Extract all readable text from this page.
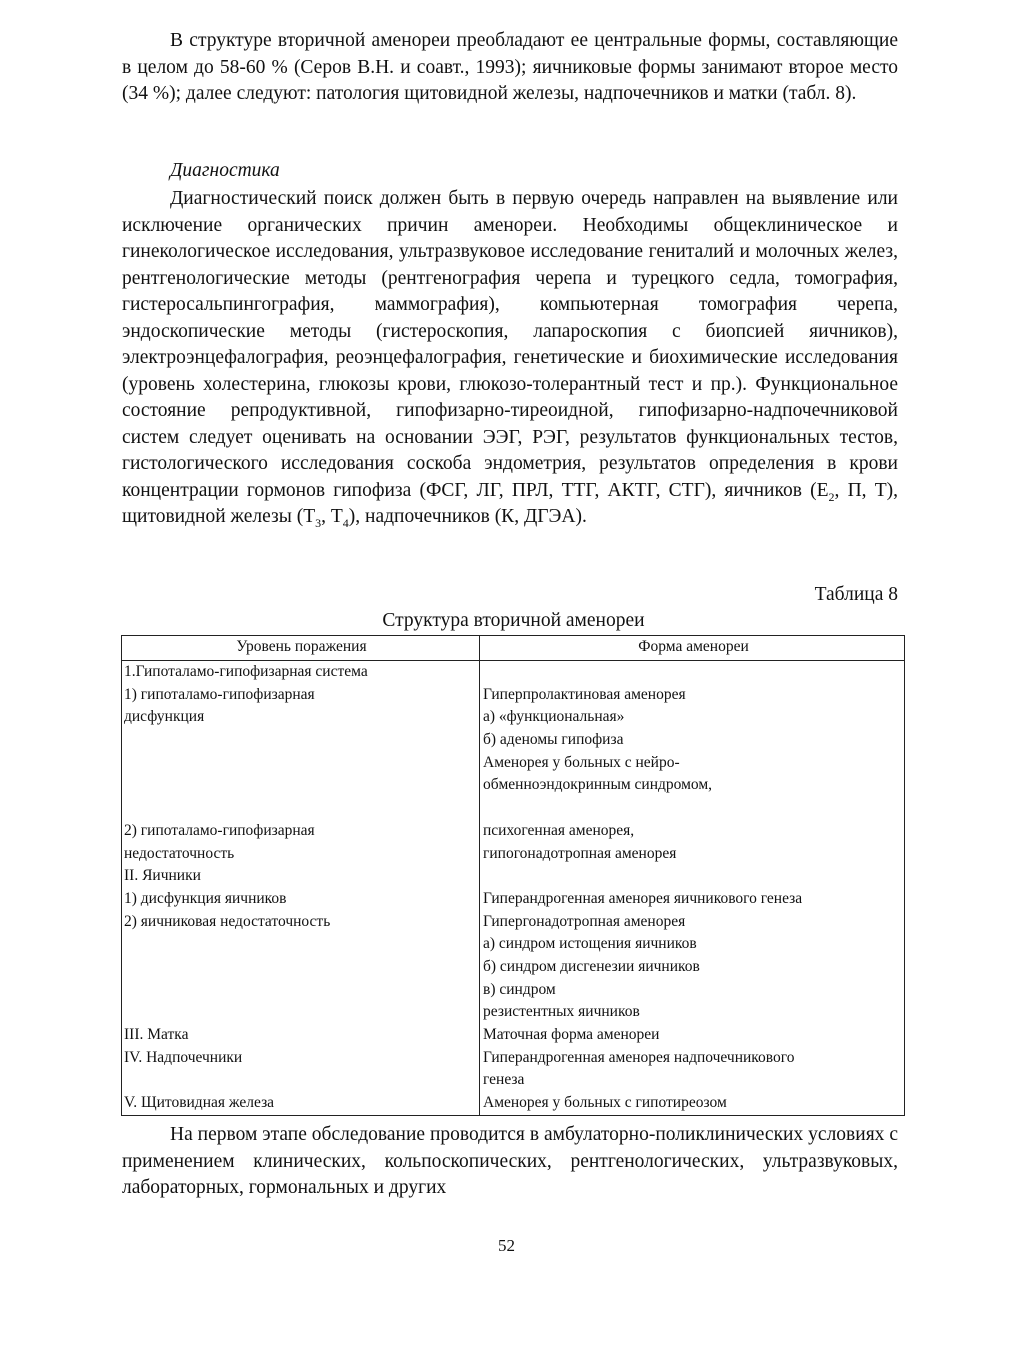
В структуре вторичной аменореи преобладают ее центральные формы, составляющие в целом до 58-60 % (Серов В.Н. и соавт., 1993); яичниковые формы занимают второе место (34 %); далее следуют: патология щитовидной железы, надпочечников и матки (табл. 8).

Диагностика

Диагностический поиск должен быть в первую очередь направлен на выявление или исключение органических причин аменореи. Необходимы общеклиническое и гинекологическое исследования, ультразвуковое исследование гениталий и молочных желез, рентгенологические методы (рентгенография черепа и турецкого седла, томография, гистеросальпингография, маммография), компьютерная томография черепа, эндоскопические методы (гистероскопия, лапароскопия с биопсией яичников), электроэнцефалография, реоэнцефалография, генетические и биохимические исследования (уровень холестерина, глюкозы крови, глюкозо-толерантный тест и пр.). Функциональное состояние репродуктивной, гипофизарно-тиреоидной, гипофизарно-надпочечниковой систем следует оценивать на основании ЭЭГ, РЭГ, результатов функциональных тестов, гистологического исследования соскоба эндометрия, результатов определения в крови концентрации гормонов гипофиза (ФСГ, ЛГ, ПРЛ, ТТГ, АКТГ, СТГ), яичников ($Е_2$, П, Т), щитовидной железы ($Т_3$, $Т_4$), надпочечников (К, ДГЭА).

Таблица 8

Структура вторичной аменореи

Уровень поражения	Форма аменореи
1.Гипоталамо-гипофизарная система
1) гипоталамо-гипофизарная
дисфункция
2) гипоталамо-гипофизарная
недостаточность
II. Яичники
1) дисфункция яичников
2) яичниковая недостаточность
III. Матка
IV. Надпочечники
V. Щитовидная железа
Гиперпролактиновая аменорея
а) «функциональная»
б) аденомы гипофиза
Аменорея у больных с нейро-
обменноэндокринным синдромом,
психогенная аменорея,
гипогонадотропная аменорея
Гиперандрогенная аменорея яичникового генеза
Гипергонадотропная аменорея
а) синдром истощения яичников
б) синдром дисгенезии яичников
в) синдром
резистентных яичников
Маточная форма аменореи
Гиперандрогенная аменорея надпочечникового
генеза
Аменорея у больных с гипотиреозом

На первом этапе обследование проводится в амбулаторно-поликлинических условиях с применением клинических, кольпоскопических, рентгенологических, ультразвуковых, лабораторных, гормональных и других

52
